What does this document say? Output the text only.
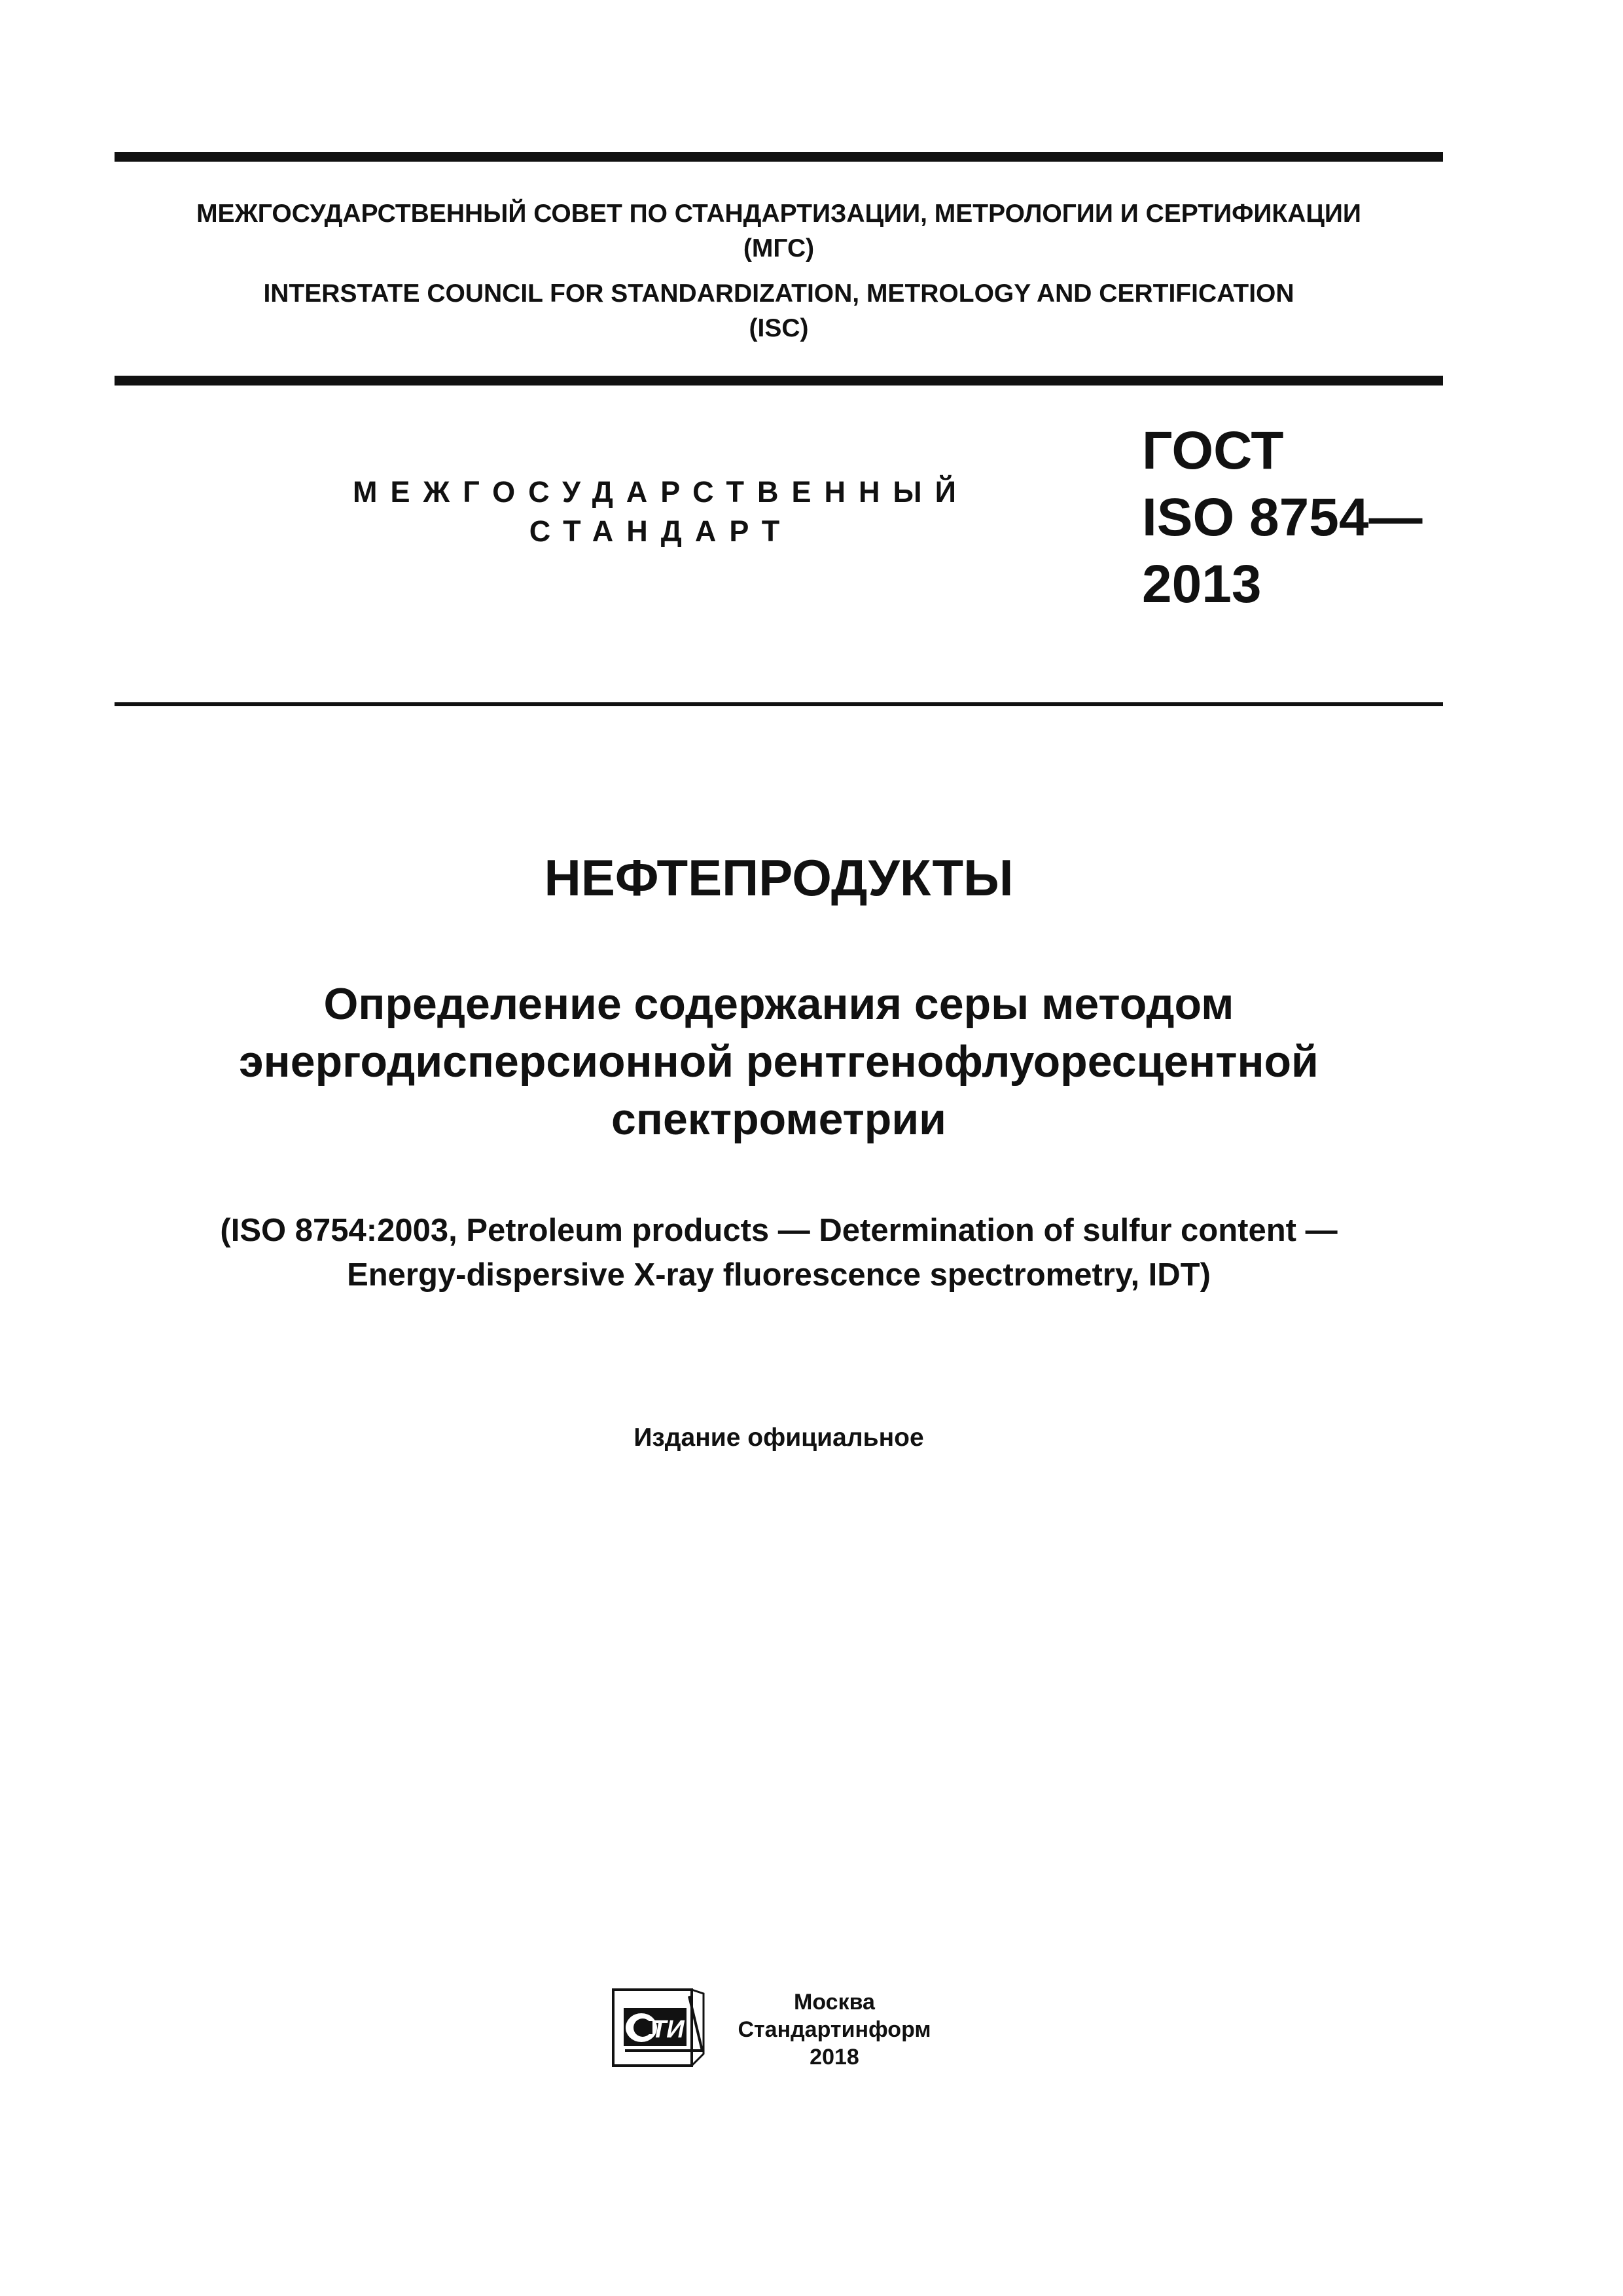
МЕЖГОСУДАРСТВЕННЫЙ СОВЕТ ПО СТАНДАРТИЗАЦИИ, МЕТРОЛОГИИ И СЕРТИФИКАЦИИ
(МГС)
INTERSTATE COUNCIL FOR STANDARDIZATION, METROLOGY AND CERTIFICATION
(ISC)
МЕЖГОСУДАРСТВЕННЫЙ
СТАНДАРТ
ГОСТ
ISO 8754—
2013
НЕФТЕПРОДУКТЫ
Определение содержания серы методом
энергодисперсионной рентгенофлуоресцентной
спектрометрии
(ISO 8754:2003, Petroleum products — Determination of sulfur content —
Energy-dispersive X-ray fluorescence spectrometry, IDT)
Издание официальное
ТИ
Москва
Стандартинформ
2018
